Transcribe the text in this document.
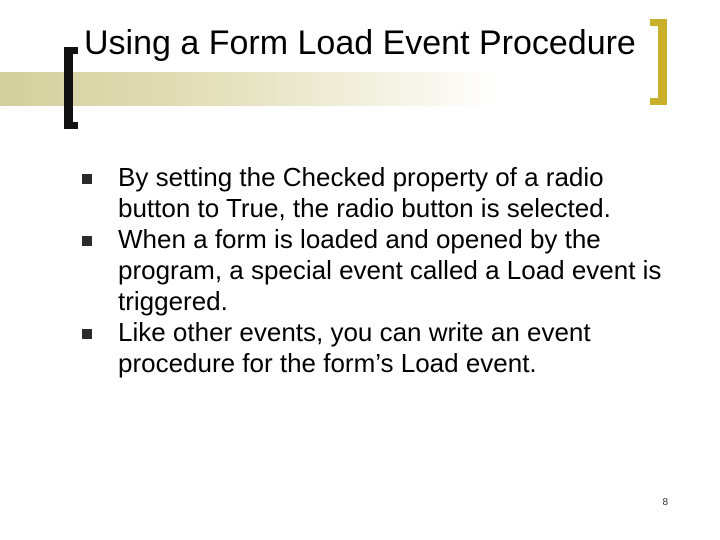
Using a Form Load Event Procedure
By setting the Checked property of a radio button to True, the radio button is selected.
When a form is loaded and opened by the program, a special event called a Load event is triggered.
Like other events, you can write an event procedure for the form’s Load event.
8
